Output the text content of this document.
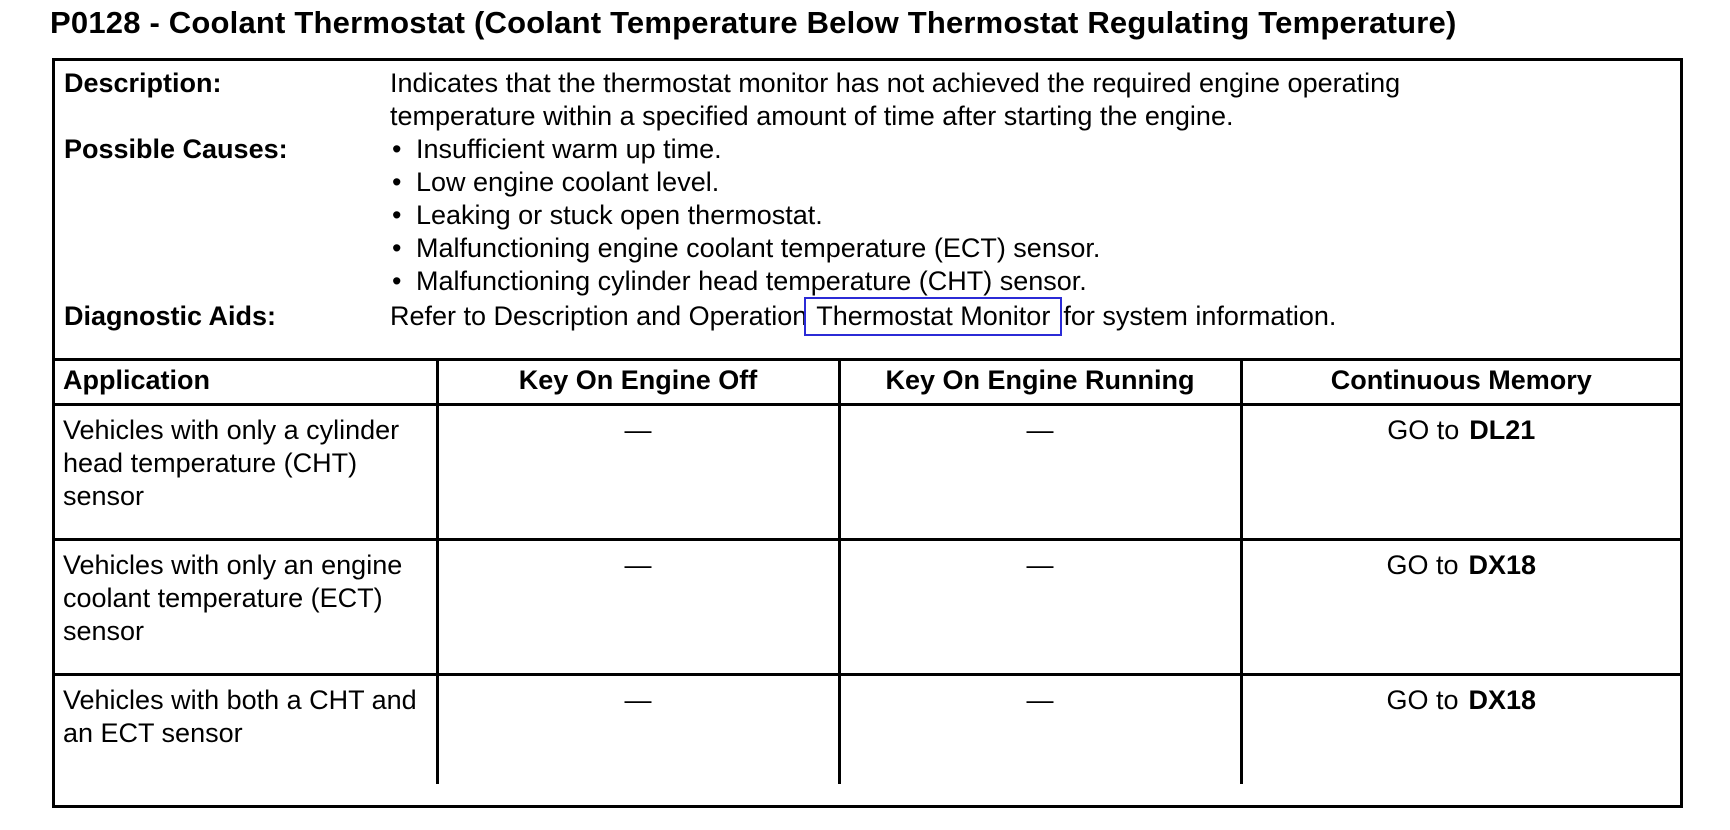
P0128 - Coolant Thermostat (Coolant Temperature Below Thermostat Regulating Temperature)
Description:	Indicates that the thermostat monitor has not achieved the required engine operating
temperature within a specified amount of time after starting the engine.
Possible Causes:	• Insufficient warm up time.
• Low engine coolant level.
• Leaking or stuck open thermostat.
• Malfunctioning engine coolant temperature (ECT) sensor.
• Malfunctioning cylinder head temperature (CHT) sensor.
Diagnostic Aids:	Refer to Description and Operation Thermostat Monitor for system information.
Application	Key On Engine Off	Key On Engine Running	Continuous Memory
Vehicles with only a cylinder head temperature (CHT) sensor	—	—	GO to DL21
Vehicles with only an engine coolant temperature (ECT) sensor	—	—	GO to DX18
Vehicles with both a CHT and an ECT sensor	—	—	GO to DX18
